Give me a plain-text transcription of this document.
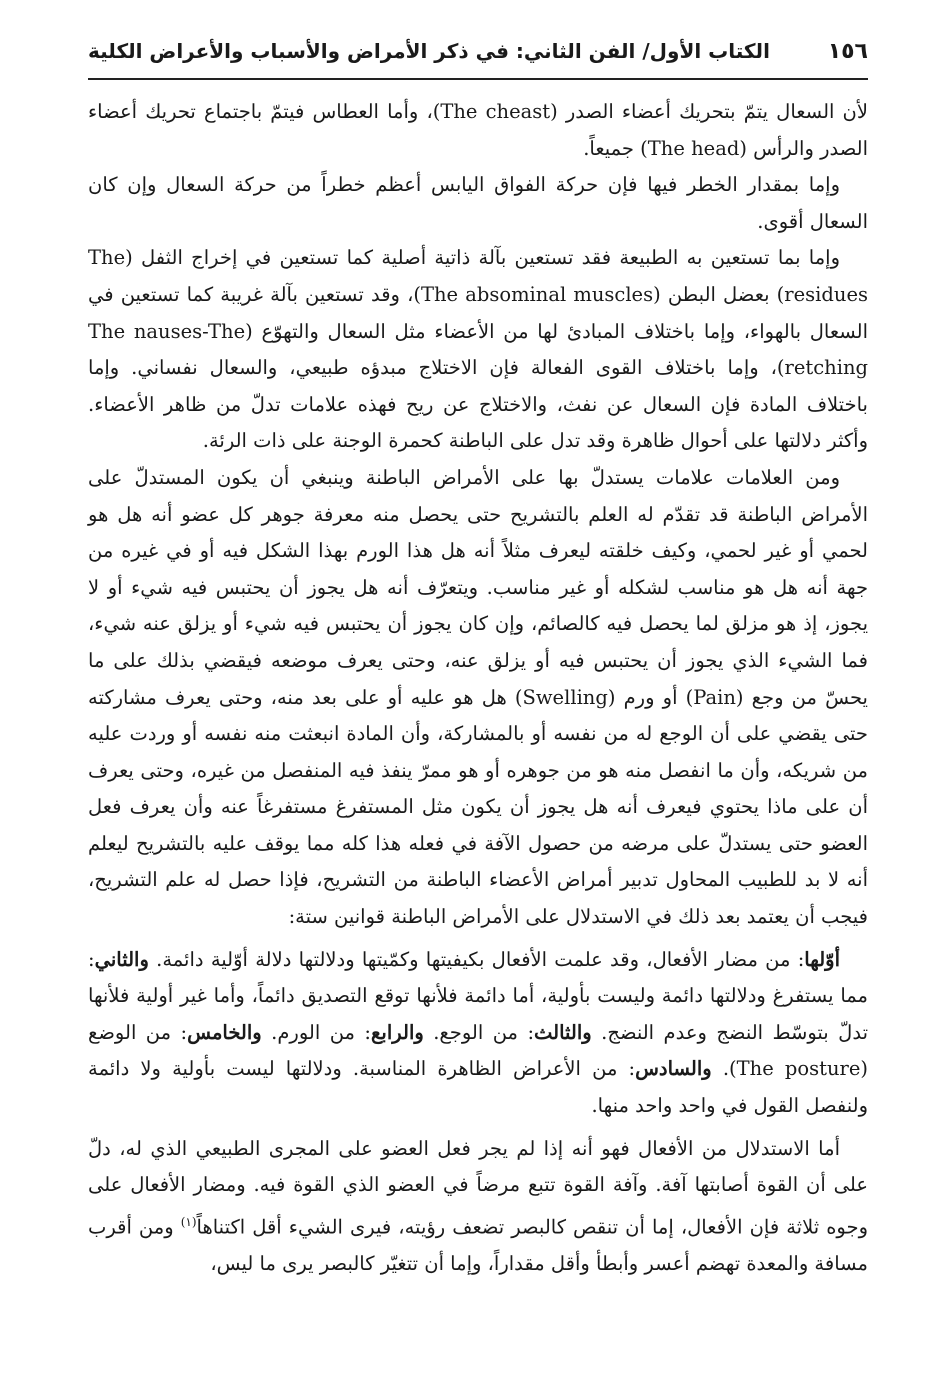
١٥٦
الكتاب الأول/ الفن الثاني: في ذكر الأمراض والأسباب والأعراض الكلية

لأن السعال يتمّ بتحريك أعضاء الصدر (The cheast)، وأما العطاس فيتمّ باجتماع تحريك أعضاء الصدر والرأس (The head) جميعاً.

وإما بمقدار الخطر فيها فإن حركة الفواق اليابس أعظم خطراً من حركة السعال وإن كان السعال أقوى.

وإما بما تستعين به الطبيعة فقد تستعين بآلة ذاتية أصلية كما تستعين في إخراج الثفل (The residues) بعضل البطن (The absominal muscles)، وقد تستعين بآلة غريبة كما تستعين في السعال بالهواء، وإما باختلاف المبادئ لها من الأعضاء مثل السعال والتهوّع (The nauses-The retching)، وإما باختلاف القوى الفعالة فإن الاختلاج مبدؤه طبيعي، والسعال نفساني. وإما باختلاف المادة فإن السعال عن نفث، والاختلاج عن ريح فهذه علامات تدلّ من ظاهر الأعضاء. وأكثر دلالتها على أحوال ظاهرة وقد تدل على الباطنة كحمرة الوجنة على ذات الرئة.

ومن العلامات علامات يستدلّ بها على الأمراض الباطنة وينبغي أن يكون المستدلّ على الأمراض الباطنة قد تقدّم له العلم بالتشريح حتى يحصل منه معرفة جوهر كل عضو أنه هل هو لحمي أو غير لحمي، وكيف خلقته ليعرف مثلاً أنه هل هذا الورم بهذا الشكل فيه أو في غيره من جهة أنه هل هو مناسب لشكله أو غير مناسب. ويتعرّف أنه هل يجوز أن يحتبس فيه شيء أو لا يجوز، إذ هو مزلق لما يحصل فيه كالصائم، وإن كان يجوز أن يحتبس فيه شيء أو يزلق عنه شيء، فما الشيء الذي يجوز أن يحتبس فيه أو يزلق عنه، وحتى يعرف موضعه فيقضي بذلك على ما يحسّ من وجع (Pain) أو ورم (Swelling) هل هو عليه أو على بعد منه، وحتى يعرف مشاركته حتى يقضي على أن الوجع له من نفسه أو بالمشاركة، وأن المادة انبعثت منه نفسه أو وردت عليه من شريكه، وأن ما انفصل منه هو من جوهره أو هو ممرّ ينفذ فيه المنفصل من غيره، وحتى يعرف أن على ماذا يحتوي فيعرف أنه هل يجوز أن يكون مثل المستفرغ مستفرغاً عنه وأن يعرف فعل العضو حتى يستدلّ على مرضه من حصول الآفة في فعله هذا كله مما يوقف عليه بالتشريح ليعلم أنه لا بد للطبيب المحاول تدبير أمراض الأعضاء الباطنة من التشريح، فإذا حصل له علم التشريح، فيجب أن يعتمد بعد ذلك في الاستدلال على الأمراض الباطنة قوانين ستة:

أوّلها: من مضار الأفعال، وقد علمت الأفعال بكيفيتها وكمّيتها ودلالتها دلالة أوّلية دائمة. والثاني: مما يستفرغ ودلالتها دائمة وليست بأولية، أما دائمة فلأنها توقع التصديق دائماً، وأما غير أولية فلأنها تدلّ بتوسّط النضج وعدم النضج. والثالث: من الوجع. والرابع: من الورم. والخامس: من الوضع (The posture). والسادس: من الأعراض الظاهرة المناسبة. ودلالتها ليست بأولية ولا دائمة ولنفصل القول في واحد واحد منها.

أما الاستدلال من الأفعال فهو أنه إذا لم يجر فعل العضو على المجرى الطبيعي الذي له، دلّ على أن القوة أصابتها آفة. وآفة القوة تتبع مرضاً في العضو الذي القوة فيه. ومضار الأفعال على وجوه ثلاثة فإن الأفعال، إما أن تنقص كالبصر تضعف رؤيته، فيرى الشيء أقل اكتناهاً$^{(١)}$ ومن أقرب مسافة والمعدة تهضم أعسر وأبطأ وأقل مقداراً، وإما أن تتغيّر كالبصر يرى ما ليس،
